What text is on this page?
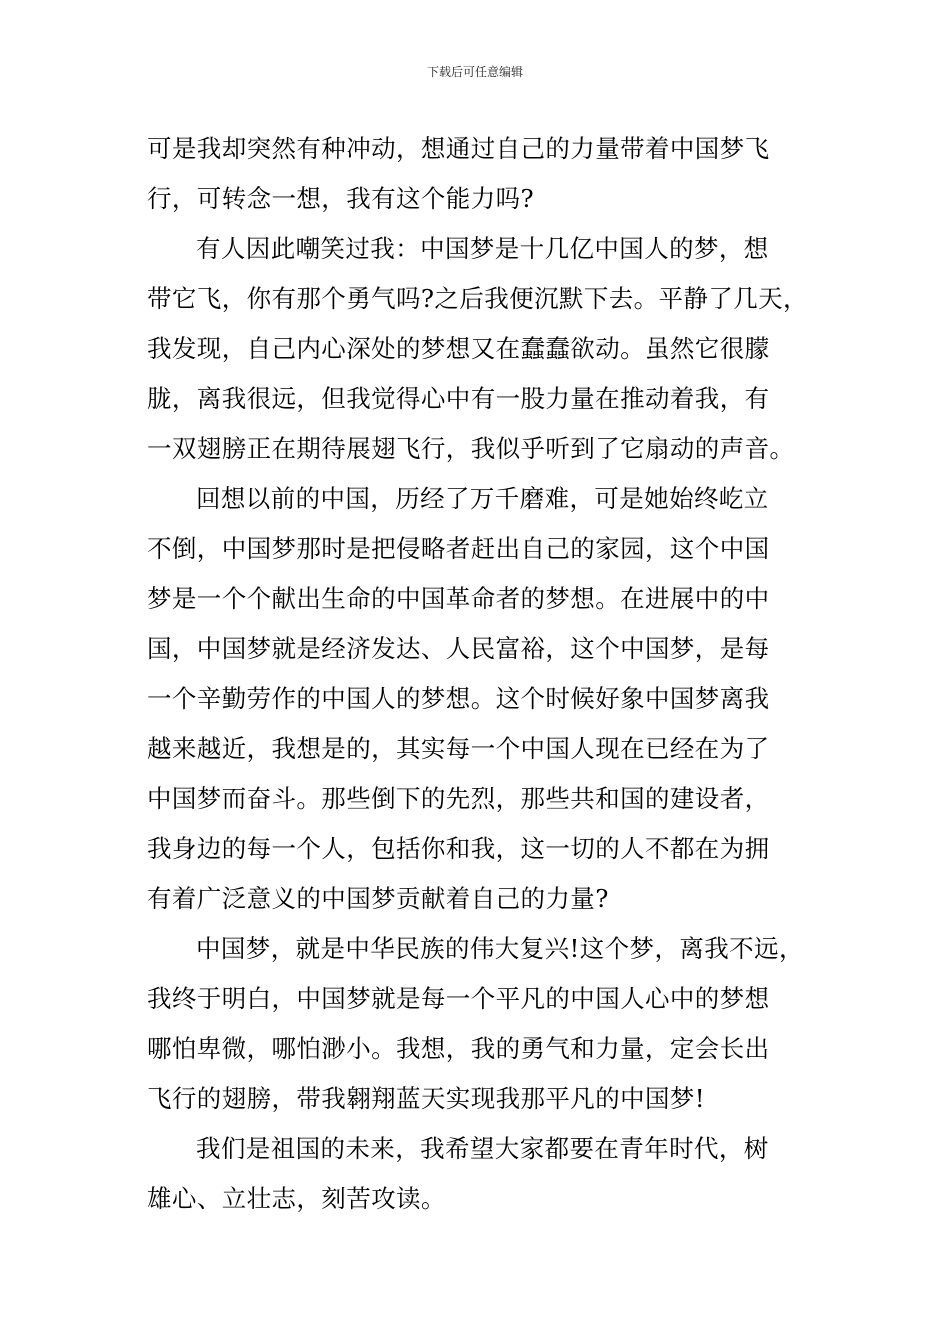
下载后可任意编辑
可是我却突然有种冲动，想通过自己的力量带着中国梦飞
行，可转念一想，我有这个能力吗?
有人因此嘲笑过我：中国梦是十几亿中国人的梦，想
带它飞，你有那个勇气吗?之后我便沉默下去。平静了几天，
我发现，自己内心深处的梦想又在蠢蠢欲动。虽然它很朦
胧，离我很远，但我觉得心中有一股力量在推动着我，有
一双翅膀正在期待展翅飞行，我似乎听到了它扇动的声音。
回想以前的中国，历经了万千磨难，可是她始终屹立
不倒，中国梦那时是把侵略者赶出自己的家园，这个中国
梦是一个个献出生命的中国革命者的梦想。在进展中的中
国，中国梦就是经济发达、人民富裕，这个中国梦，是每
一个辛勤劳作的中国人的梦想。这个时候好象中国梦离我
越来越近，我想是的，其实每一个中国人现在已经在为了
中国梦而奋斗。那些倒下的先烈，那些共和国的建设者，
我身边的每一个人，包括你和我，这一切的人不都在为拥
有着广泛意义的中国梦贡献着自己的力量?
中国梦，就是中华民族的伟大复兴!这个梦，离我不远，
我终于明白，中国梦就是每一个平凡的中国人心中的梦想
哪怕卑微，哪怕渺小。我想，我的勇气和力量，定会长出
飞行的翅膀，带我翱翔蓝天实现我那平凡的中国梦!
我们是祖国的未来，我希望大家都要在青年时代，树
雄心、立壮志，刻苦攻读。
